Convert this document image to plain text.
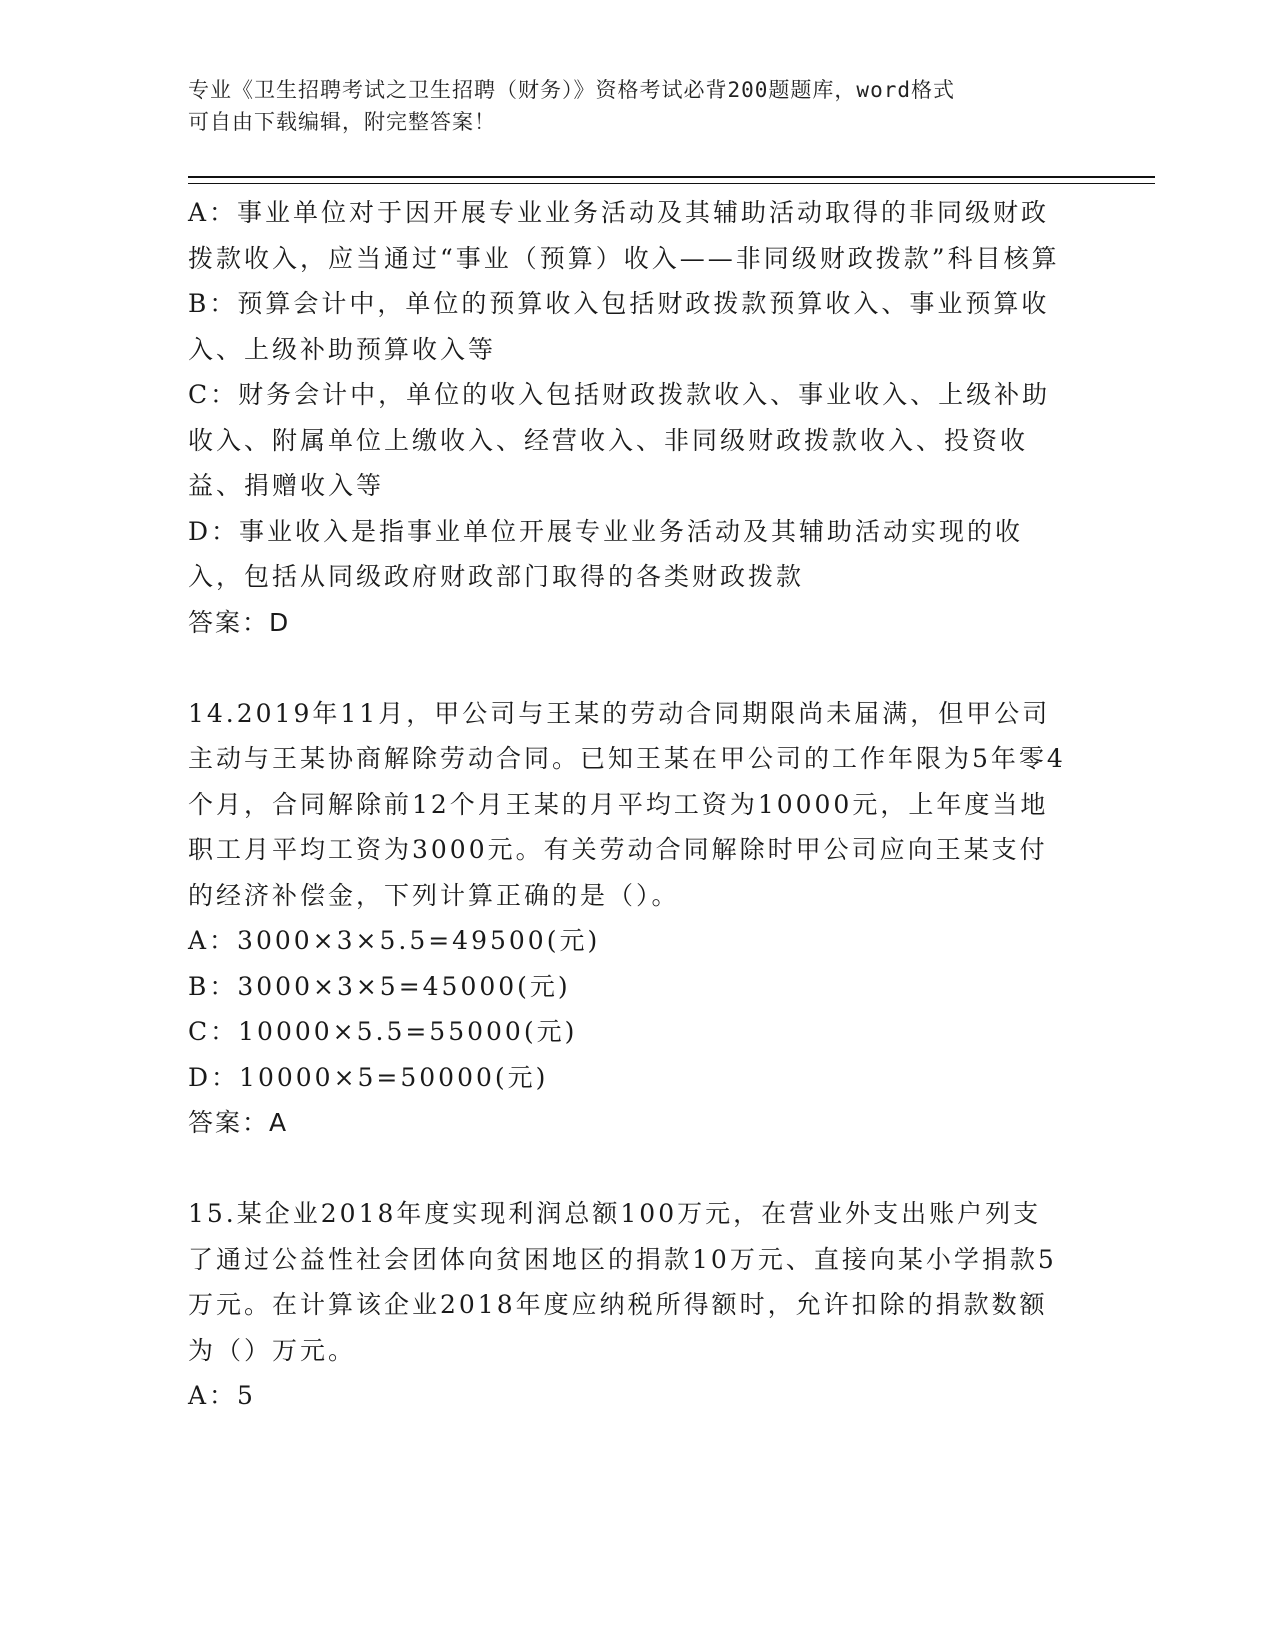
专业《卫生招聘考试之卫生招聘（财务）》资格考试必背200题题库，word格式
可自由下载编辑，附完整答案！

A：事业单位对于因开展专业业务活动及其辅助活动取得的非同级财政拨款收入，应当通过“事业（预算）收入——非同级财政拨款”科目核算

B：预算会计中，单位的预算收入包括财政拨款预算收入、事业预算收入、上级补助预算收入等

C：财务会计中，单位的收入包括财政拨款收入、事业收入、上级补助收入、附属单位上缴收入、经营收入、非同级财政拨款收入、投资收益、捐赠收入等

D：事业收入是指事业单位开展专业业务活动及其辅助活动实现的收入，包括从同级政府财政部门取得的各类财政拨款

答案：D

14.2019年11月，甲公司与王某的劳动合同期限尚未届满，但甲公司主动与王某协商解除劳动合同。已知王某在甲公司的工作年限为5年零4个月，合同解除前12个月王某的月平均工资为10000元，上年度当地职工月平均工资为3000元。有关劳动合同解除时甲公司应向王某支付的经济补偿金，下列计算正确的是（）。

A：3000×3×5.5=49500(元)

B：3000×3×5=45000(元)

C：10000×5.5=55000(元)

D：10000×5=50000(元)

答案：A

15.某企业2018年度实现利润总额100万元，在营业外支出账户列支了通过公益性社会团体向贫困地区的捐款10万元、直接向某小学捐款5万元。在计算该企业2018年度应纳税所得额时，允许扣除的捐款数额为（）万元。

A：5
